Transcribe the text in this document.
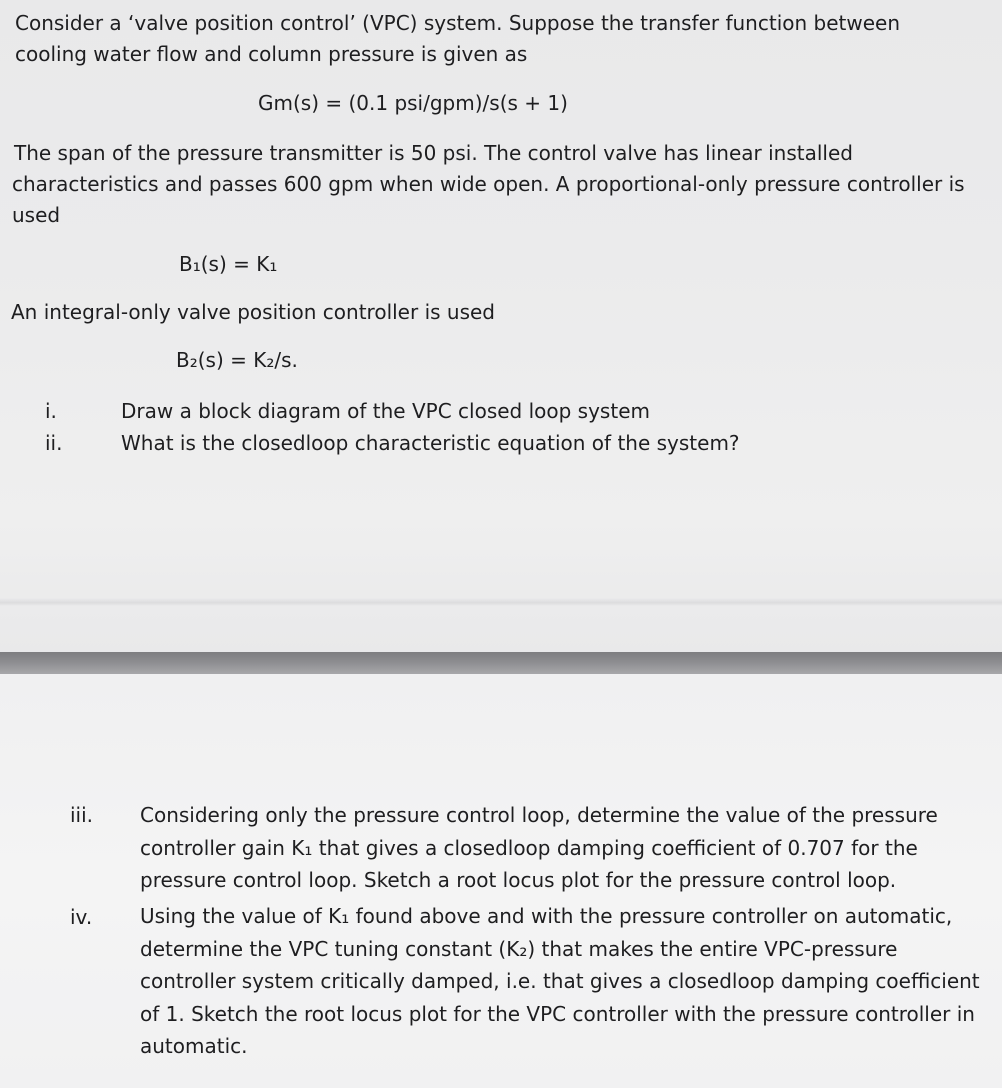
Consider a ‘valve position control’ (VPC) system. Suppose the transfer function between

cooling water flow and column pressure is given as

Gm(s) = (0.1 psi/gpm)/s(s + 1)

The span of the pressure transmitter is 50 psi. The control valve has linear installed

characteristics and passes 600 gpm when wide open. A proportional-only pressure controller is

used

B₁(s) = K₁

An integral-only valve position controller is used

B₂(s) = K₂/s.

i.	Draw a block diagram of the VPC closed loop system

ii.	What is the closedloop characteristic equation of the system?

iii. Considering only the pressure control loop, determine the value of the pressure controller gain K₁ that gives a closedloop damping coefficient of 0.707 for the pressure control loop. Sketch a root locus plot for the pressure control loop.

iv. Using the value of K₁ found above and with the pressure controller on automatic, determine the VPC tuning constant (K₂) that makes the entire VPC-pressure controller system critically damped, i.e. that gives a closedloop damping coefficient of 1. Sketch the root locus plot for the VPC controller with the pressure controller in automatic.
